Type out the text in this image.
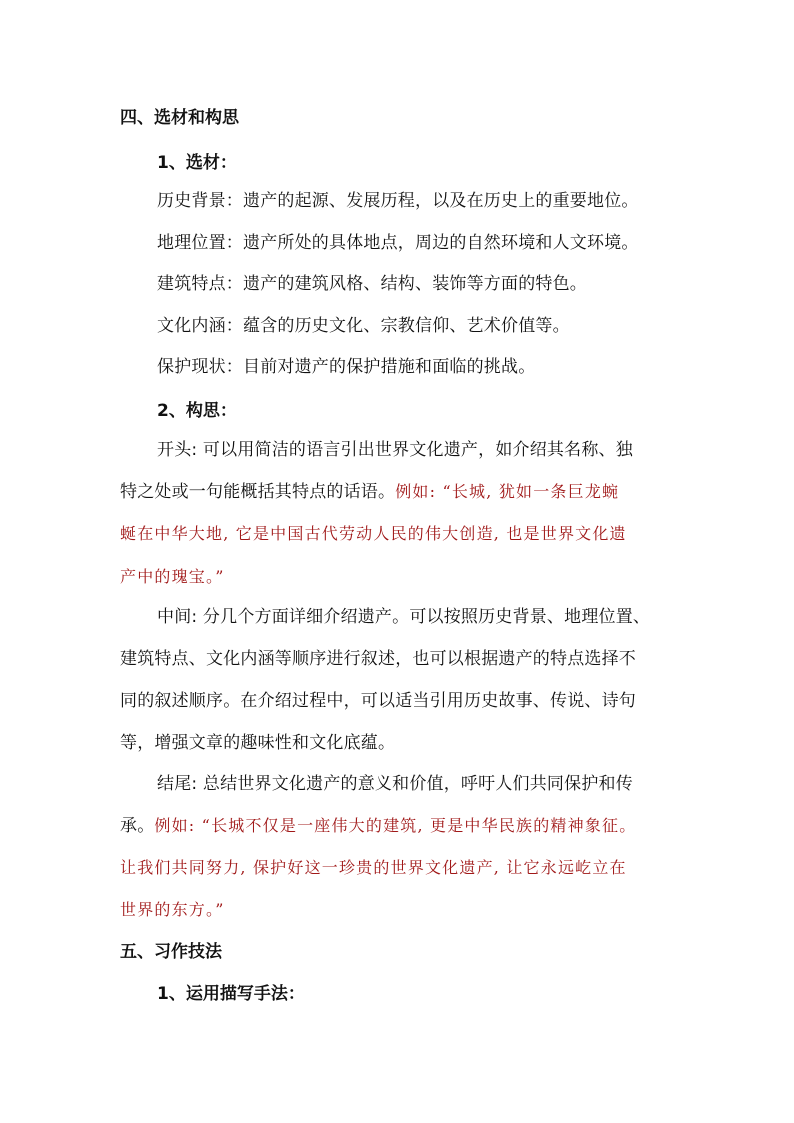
四、选材和构思
1、选材：
历史背景：遗产的起源、发展历程，以及在历史上的重要地位。
地理位置：遗产所处的具体地点，周边的自然环境和人文环境。
建筑特点：遗产的建筑风格、结构、装饰等方面的特色。
文化内涵：蕴含的历史文化、宗教信仰、艺术价值等。
保护现状：目前对遗产的保护措施和面临的挑战。
2、构思：
开头: 可以用简洁的语言引出世界文化遗产，如介绍其名称、独
特之处或一句能概括其特点的话语。例如: “长城, 犹如一条巨龙蜿
蜒在中华大地, 它是中国古代劳动人民的伟大创造, 也是世界文化遗
产中的瑰宝。”
中间: 分几个方面详细介绍遗产。可以按照历史背景、地理位置、
建筑特点、文化内涵等顺序进行叙述，也可以根据遗产的特点选择不
同的叙述顺序。在介绍过程中，可以适当引用历史故事、传说、诗句
等，增强文章的趣味性和文化底蕴。
结尾: 总结世界文化遗产的意义和价值，呼吁人们共同保护和传
承。例如: “长城不仅是一座伟大的建筑, 更是中华民族的精神象征。
让我们共同努力, 保护好这一珍贵的世界文化遗产, 让它永远屹立在
世界的东方。”
五、习作技法
1、运用描写手法：
